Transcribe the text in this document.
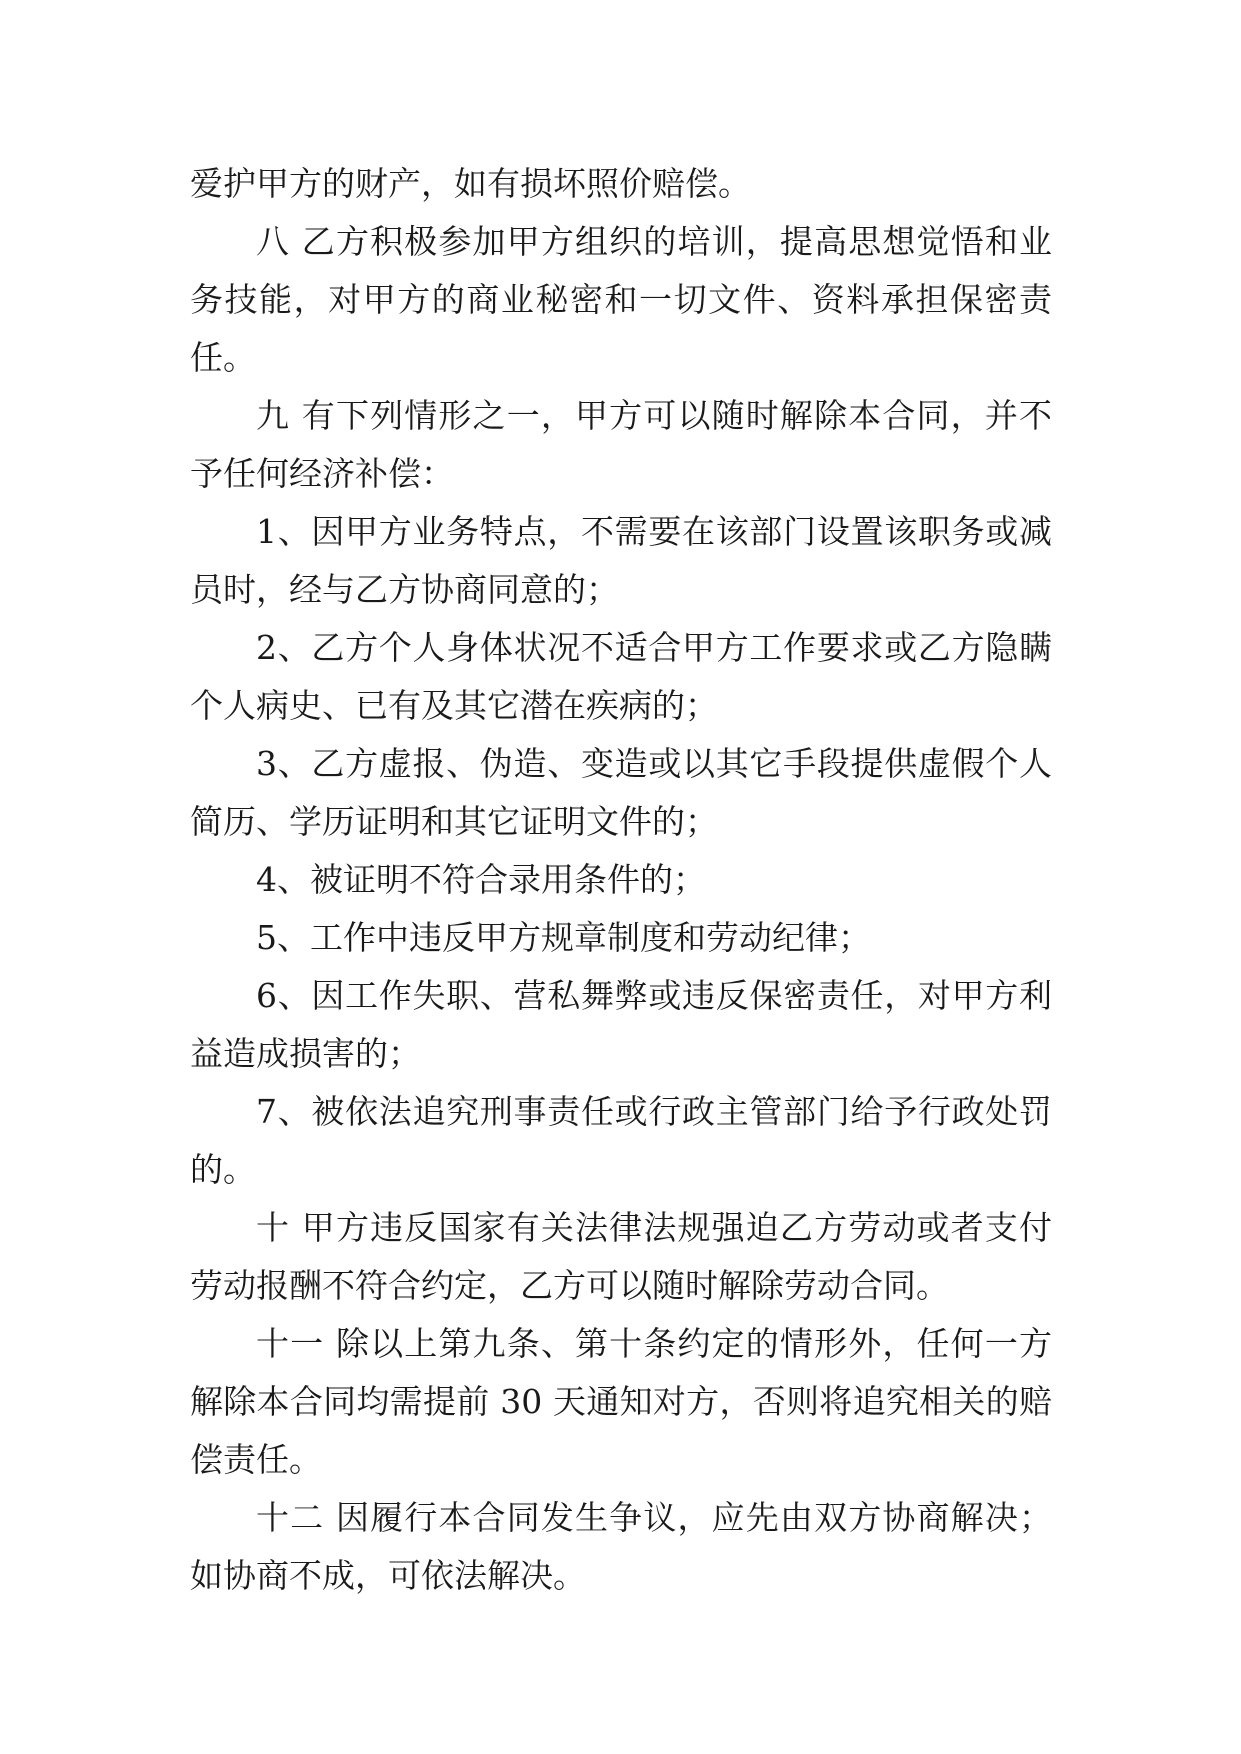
爱护甲方的财产，如有损坏照价赔偿。

八 乙方积极参加甲方组织的培训，提高思想觉悟和业务技能，对甲方的商业秘密和一切文件、资料承担保密责任。

九 有下列情形之一，甲方可以随时解除本合同，并不予任何经济补偿：

1、因甲方业务特点，不需要在该部门设置该职务或减员时，经与乙方协商同意的；

2、乙方个人身体状况不适合甲方工作要求或乙方隐瞒个人病史、已有及其它潜在疾病的；

3、乙方虚报、伪造、变造或以其它手段提供虚假个人简历、学历证明和其它证明文件的；

4、被证明不符合录用条件的；

5、工作中违反甲方规章制度和劳动纪律；

6、因工作失职、营私舞弊或违反保密责任，对甲方利益造成损害的；

7、被依法追究刑事责任或行政主管部门给予行政处罚的。

十 甲方违反国家有关法律法规强迫乙方劳动或者支付劳动报酬不符合约定，乙方可以随时解除劳动合同。

十一 除以上第九条、第十条约定的情形外，任何一方解除本合同均需提前 30 天通知对方，否则将追究相关的赔偿责任。

十二 因履行本合同发生争议，应先由双方协商解决；如协商不成，可依法解决。
